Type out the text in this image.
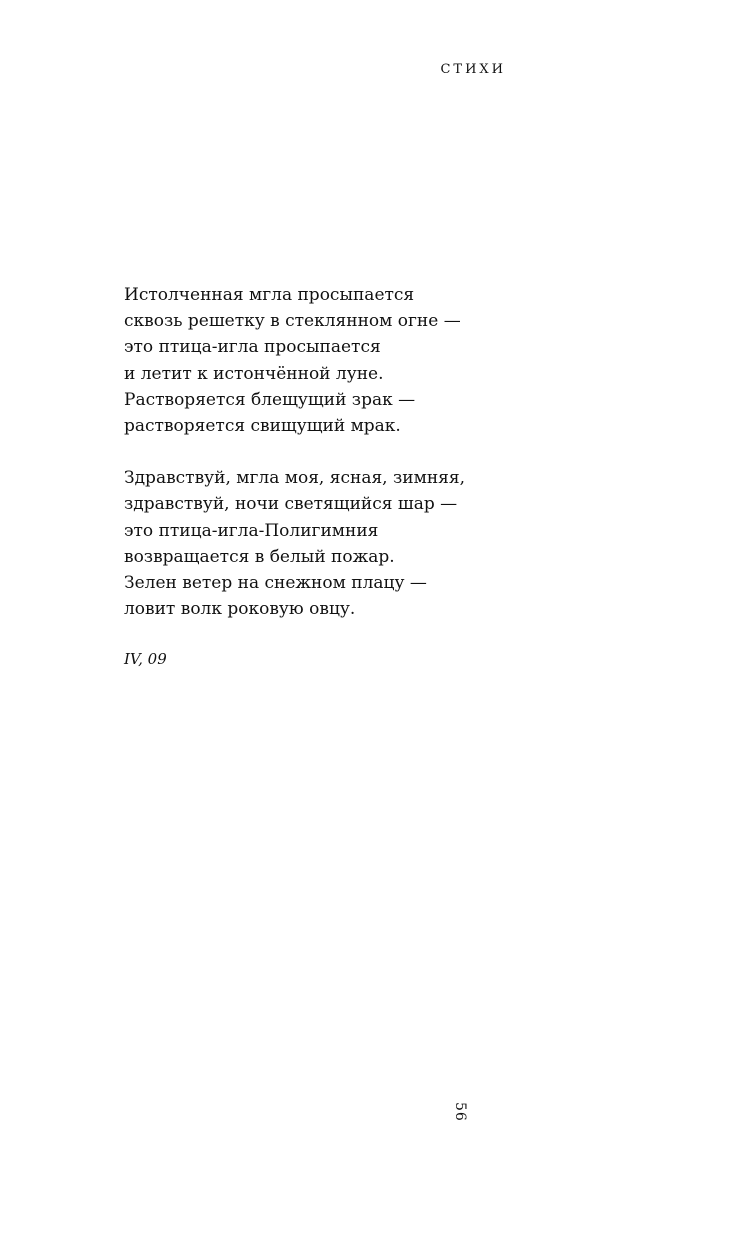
СТИХИ
Истолченная мгла просыпается
сквозь решетку в стеклянном огне —
это птица-игла просыпается
и летит к истончённой луне.
Растворяется блещущий зрак —
растворяется свищущий мрак.
Здравствуй, мгла моя, ясная, зимняя,
здравствуй, ночи светящийся шар —
это птица-игла-Полигимния
возвращается в белый пожар.
Зелен ветер на снежном плацу —
ловит волк роковую овцу.
IV, 09
56
